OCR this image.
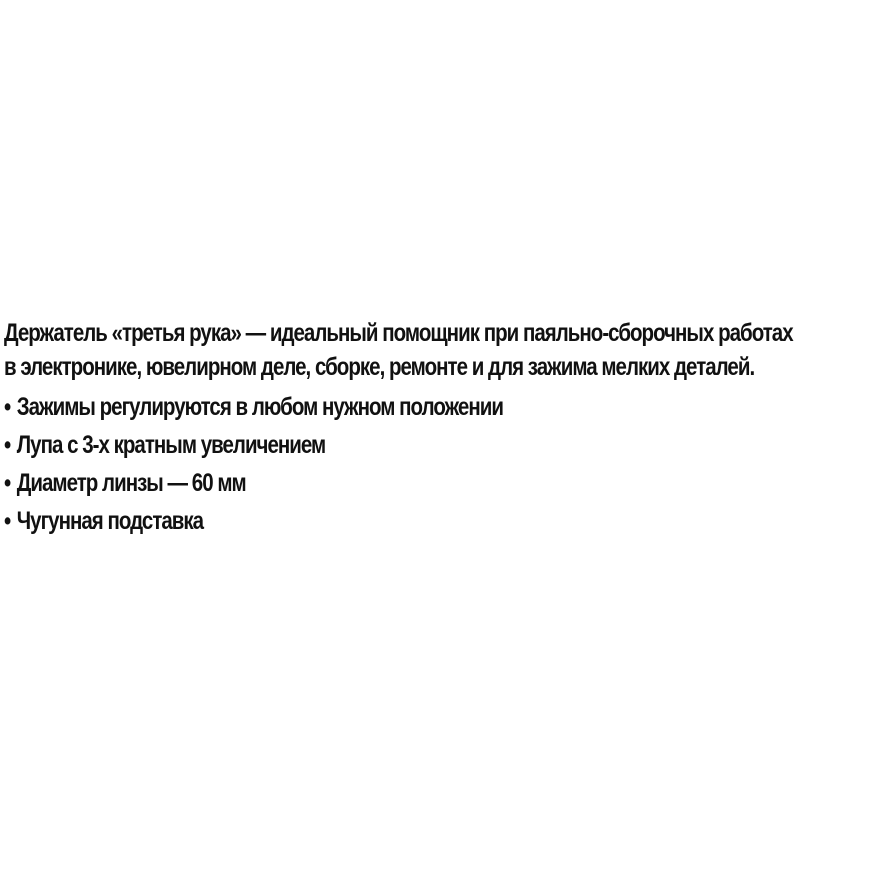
Держатель «третья рука» — идеальный помощник при паяльно-сборочных работах
в электронике, ювелирном деле, сборке, ремонте и для зажима мелких деталей.

• Зажимы регулируются в любом нужном положении
• Лупа с 3-х кратным увеличением
• Диаметр линзы — 60 мм
• Чугунная подставка
